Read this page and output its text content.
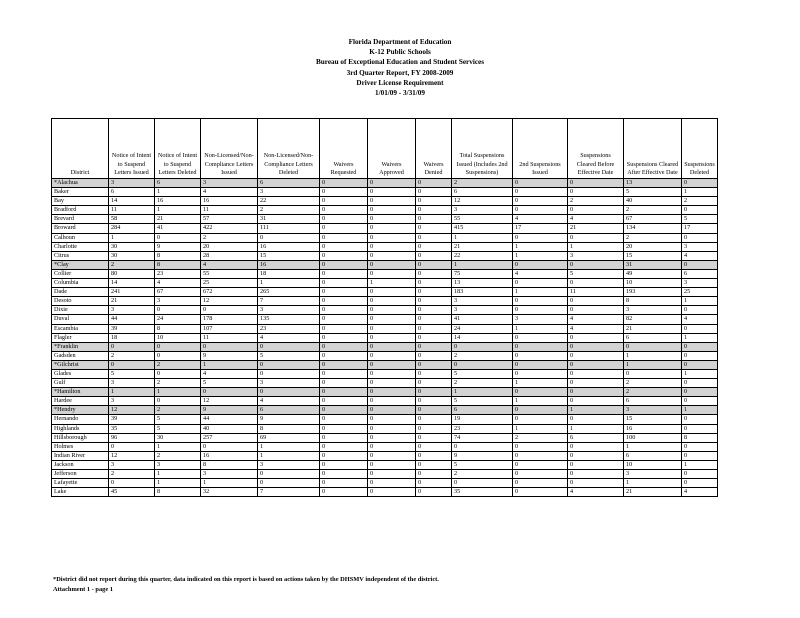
Florida Department of Education
K-12 Public Schools
Bureau of Exceptional Education and Student Services
3rd Quarter Report, FY 2008-2009
Driver License Requirement
1/01/09 - 3/31/09
District	Notice of Intent to Suspend Letters Issued	Notice of Intent to Suspend Letters Deleted	Non-Licensed/Non-Compliance Letters Issued	Non-Licensed/Non-Compliance Letters Deleted	Waivers Requested	Waivers Approved	Waivers Denied	Total Suspensions Issued (Includes 2nd Suspensions)	2nd Suspensions Issued	Suspensions Cleared Before Effective Date	Suspensions Cleared After Effective Date	Suspensions Deleted
*Alachua	3	6	3	6	0	0	0	2	0	0	13	0
Baker	6	1	4	3	0	0	0	6	0	0	5	1
Bay	14	16	16	22	0	0	0	12	0	2	40	2
Bradford	11	1	11	2	0	0	0	3	0	0	2	0
Brevard	58	21	57	31	0	0	0	55	4	4	67	5
Broward	284	41	422	111	0	0	0	415	17	21	134	17
Calhoun	1	0	2	0	0	0	0	1	0	0	2	0
Charlotte	30	9	20	16	0	0	0	21	1	1	20	3
Citrus	30	8	28	15	0	0	0	22	1	3	15	4
*Clay	2	8	4	16	0	0	0	1	0	0	31	0
Collier	80	23	55	18	0	0	0	75	4	5	49	6
Columbia	14	4	25	1	0	1	0	13	0	0	10	3
Dade	241	67	672	265	0	0	0	183	1	11	193	25
Desoto	21	3	12	7	0	0	0	3	0	0	8	1
Dixie	3	0	0	3	0	0	0	3	0	0	3	0
Duval	44	24	178	135	0	0	0	41	3	4	82	4
Escambia	39	8	107	23	0	0	0	24	1	4	21	0
Flagler	18	10	11	4	0	0	0	14	0	0	6	1
*Franklin	0	0	0	0	0	0	0	0	0	0	0	0
Gadsden	2	0	9	5	0	0	0	2	0	0	1	0
*Gilchrist	0	2	1	0	0	0	0	0	0	0	1	0
Glades	5	0	4	0	0	0	0	5	0	0	0	1
Gulf	3	2	5	3	0	0	0	2	1	0	2	0
*Hamilton	1	1	0	0	0	0	0	1	0	0	2	0
Hardee	3	0	12	4	0	0	0	5	1	0	6	0
*Hendry	12	2	9	6	0	0	0	6	0	1	3	1
Hernando	39	5	44	9	0	0	0	19	0	0	15	0
Highlands	35	5	40	8	0	0	0	23	1	1	16	0
Hillsborough	96	30	257	69	0	0	0	74	2	6	100	8
Holmes	0	1	0	1	0	0	0	0	0	0	1	0
Indian River	12	2	16	1	0	0	0	9	0	0	6	0
Jackson	3	3	8	3	0	0	0	5	0	0	10	1
Jefferson	2	1	3	0	0	0	0	2	0	0	3	0
Lafayette	0	1	1	0	0	0	0	0	0	0	1	0
Lake	45	8	32	7	0	0	0	35	0	4	21	4
*District did not report during this quarter, data indicated on this report is based on actions taken by the DHSMV independent of the district.
Attachment 1 - page 1
